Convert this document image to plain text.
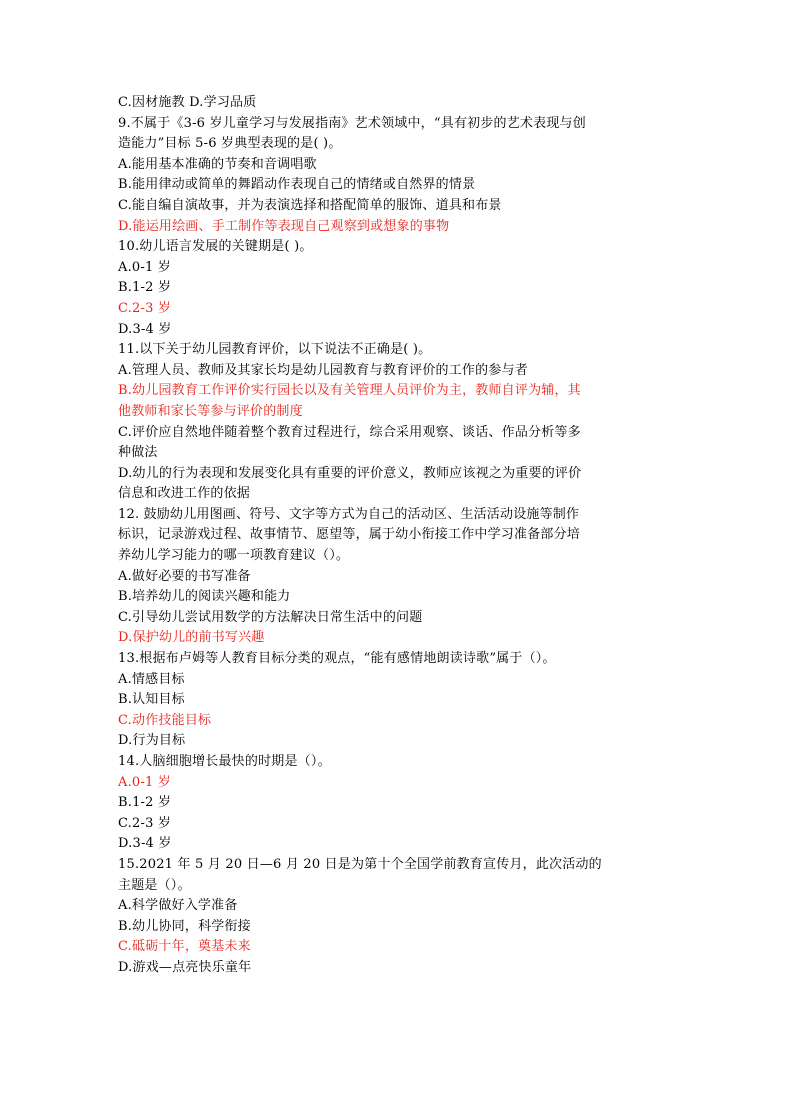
C.因材施教 D.学习品质
9.不属于《3-6 岁儿童学习与发展指南》艺术领域中，“具有初步的艺术表现与创
造能力”目标 5-6 岁典型表现的是( )。
A.能用基本准确的节奏和音调唱歌
B.能用律动或简单的舞蹈动作表现自己的情绪或自然界的情景
C.能自编自演故事，并为表演选择和搭配简单的服饰、道具和布景
D.能运用绘画、手工制作等表现自己观察到或想象的事物
10.幼儿语言发展的关键期是( )。
A.0-1 岁
B.1-2 岁
C.2-3 岁
D.3-4 岁
11.以下关于幼儿园教育评价，以下说法不正确是( )。
A.管理人员、教师及其家长均是幼儿园教育与教育评价的工作的参与者
B.幼儿园教育工作评价实行园长以及有关管理人员评价为主，教师自评为辅，其
他教师和家长等参与评价的制度
C.评价应自然地伴随着整个教育过程进行，综合采用观察、谈话、作品分析等多
种做法
D.幼儿的行为表现和发展变化具有重要的评价意义，教师应该视之为重要的评价
信息和改进工作的依据
12. 鼓励幼儿用图画、符号、文字等方式为自己的活动区、生活活动设施等制作
标识，记录游戏过程、故事情节、愿望等，属于幼小衔接工作中学习准备部分培
养幼儿学习能力的哪一项教育建议（）。
A.做好必要的书写准备
B.培养幼儿的阅读兴趣和能力
C.引导幼儿尝试用数学的方法解决日常生活中的问题
D.保护幼儿的前书写兴趣
13.根据布卢姆等人教育目标分类的观点，“能有感情地朗读诗歌”属于（）。
A.情感目标
B.认知目标
C.动作技能目标
D.行为目标
14.人脑细胞增长最快的时期是（）。
A.0-1 岁
B.1-2 岁
C.2-3 岁
D.3-4 岁
15.2021 年 5 月 20 日—6 月 20 日是为第十个全国学前教育宣传月，此次活动的
主题是（）。
A.科学做好入学准备
B.幼儿协同，科学衔接
C.砥砺十年，奠基未来
D.游戏—点亮快乐童年
